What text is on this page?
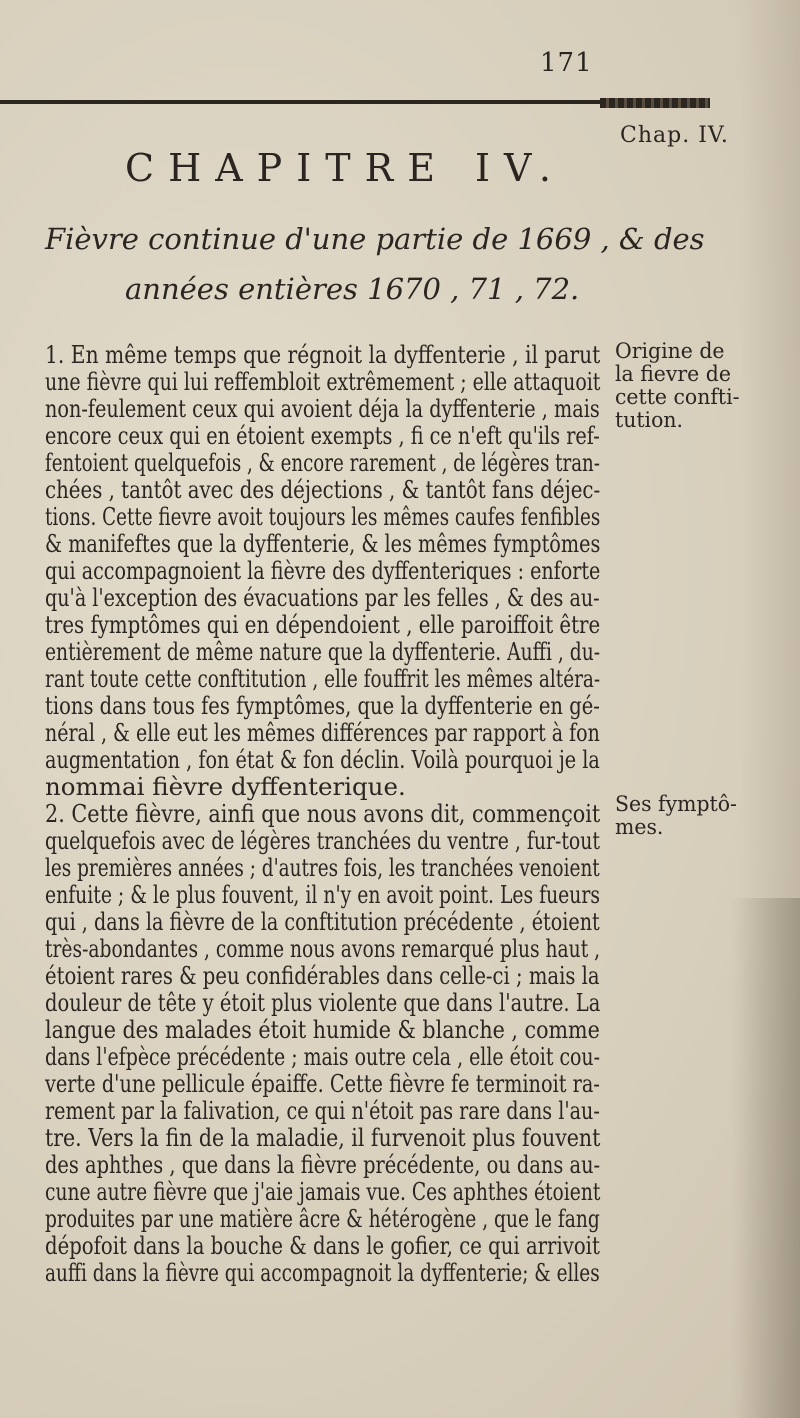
171
Chap. IV.
CHAPITRE IV.
Fièvre continue d'une partie de 1669 , & des
années entières 1670 , 71 , 72.
Origine de
la fievre de
cette confti-
tution.
Ses fymptô-
mes.
1. En même temps que régnoit la dyffenterie , il parut
une fièvre qui lui reffembloit extrêmement ; elle attaquoit
non-feulement ceux qui avoient déja la dyffenterie , mais
encore ceux qui en étoient exempts , fi ce n'eft qu'ils ref-
fentoient quelquefois , & encore rarement , de légères tran-
chées , tantôt avec des déjections , & tantôt fans déjec-
tions. Cette fievre avoit toujours les mêmes caufes fenfibles
& manifeftes que la dyffenterie, & les mêmes fymptômes
qui accompagnoient la fièvre des dyffenteriques : enforte
qu'à l'exception des évacuations par les felles , & des au-
tres fymptômes qui en dépendoient , elle paroiffoit être
entièrement de même nature que la dyffenterie. Auffi , du-
rant toute cette conftitution , elle fouffrit les mêmes altéra-
tions dans tous fes fymptômes, que la dyffenterie en gé-
néral , & elle eut les mêmes différences par rapport à fon
augmentation , fon état & fon déclin. Voilà pourquoi je la
nommai fièvre dyffenterique.
2. Cette fièvre, ainfi que nous avons dit, commençoit
quelquefois avec de légères tranchées du ventre , fur-tout
les premières années ; d'autres fois, les tranchées venoient
enfuite ; & le plus fouvent, il n'y en avoit point. Les fueurs
qui , dans la fièvre de la conftitution précédente , étoient
très-abondantes , comme nous avons remarqué plus haut ,
étoient rares & peu confidérables dans celle-ci ; mais la
douleur de tête y étoit plus violente que dans l'autre. La
langue des malades étoit humide & blanche , comme
dans l'efpèce précédente ; mais outre cela , elle étoit cou-
verte d'une pellicule épaiffe. Cette fièvre fe terminoit ra-
rement par la falivation, ce qui n'étoit pas rare dans l'au-
tre. Vers la fin de la maladie, il furvenoit plus fouvent
des aphthes , que dans la fièvre précédente, ou dans au-
cune autre fièvre que j'aie jamais vue. Ces aphthes étoient
produites par une matière âcre & hétérogène , que le fang
dépofoit dans la bouche & dans le gofier, ce qui arrivoit
auffi dans la fièvre qui accompagnoit la dyffenterie; & elles
